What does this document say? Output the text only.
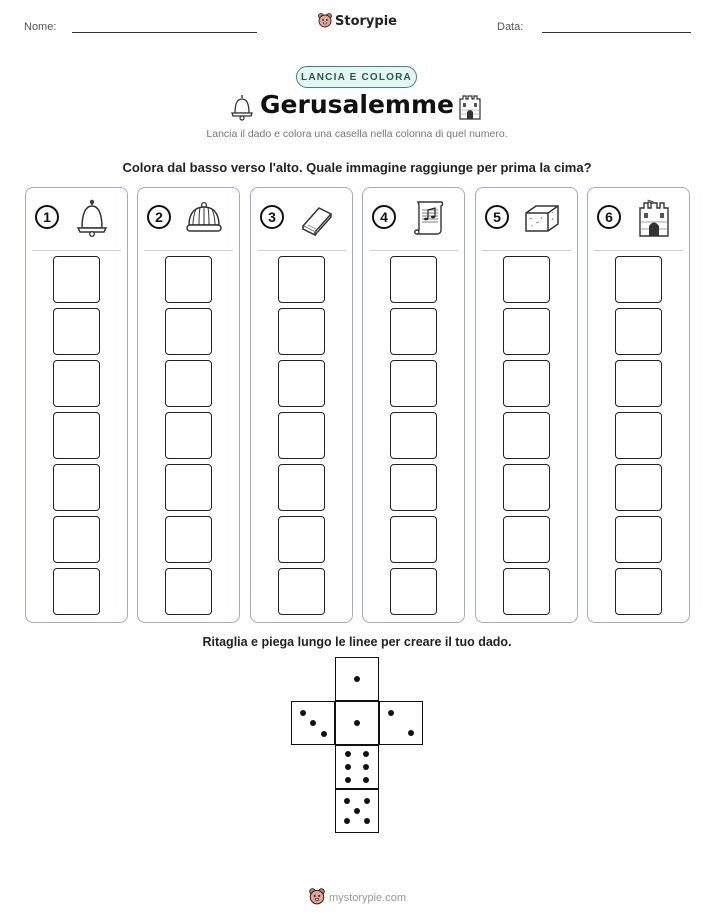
Nome:	Storypie	Data:
LANCIA E COLORA
Gerusalemme
Lancia il dado e colora una casella nella colonna di quel numero.
Colora dal basso verso l'alto. Quale immagine raggiunge per prima la cima?
1	2	3	4	5	6
Ritaglia e piega lungo le linee per creare il tuo dado.
mystorypie.com
